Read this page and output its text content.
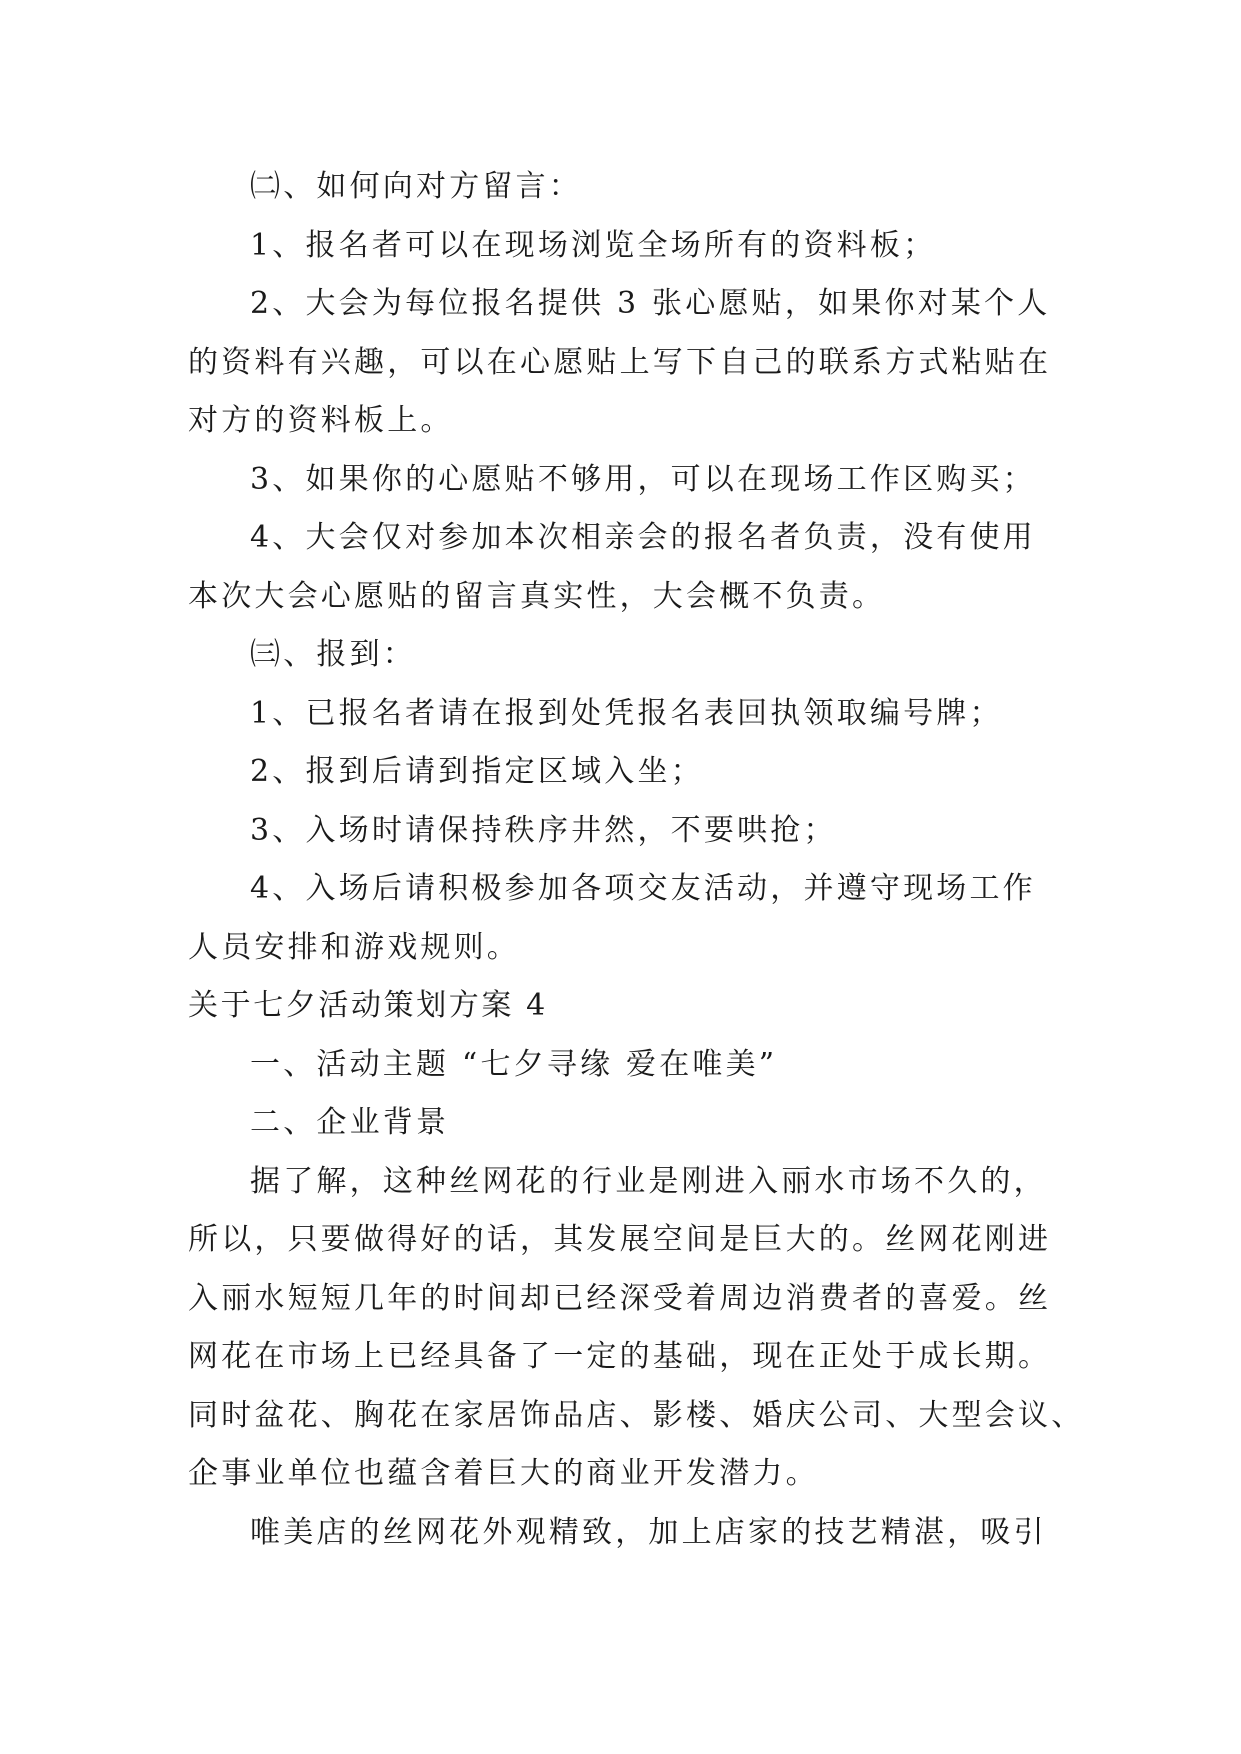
㈡、如何向对方留言：

1、报名者可以在现场浏览全场所有的资料板；

2、大会为每位报名提供 3 张心愿贴，如果你对某个人

的资料有兴趣，可以在心愿贴上写下自己的联系方式粘贴在

对方的资料板上。

3、如果你的心愿贴不够用，可以在现场工作区购买；

4、大会仅对参加本次相亲会的报名者负责，没有使用

本次大会心愿贴的留言真实性，大会概不负责。

㈢、报到：

1、已报名者请在报到处凭报名表回执领取编号牌；

2、报到后请到指定区域入坐；

3、入场时请保持秩序井然，不要哄抢；

4、入场后请积极参加各项交友活动，并遵守现场工作

人员安排和游戏规则。

关于七夕活动策划方案 4

一、活动主题 “七夕寻缘 爱在唯美”

二、企业背景

据了解，这种丝网花的行业是刚进入丽水市场不久的，

所以，只要做得好的话，其发展空间是巨大的。丝网花刚进

入丽水短短几年的时间却已经深受着周边消费者的喜爱。丝

网花在市场上已经具备了一定的基础，现在正处于成长期。

同时盆花、胸花在家居饰品店、影楼、婚庆公司、大型会议、

企事业单位也蕴含着巨大的商业开发潜力。

唯美店的丝网花外观精致，加上店家的技艺精湛，吸引
